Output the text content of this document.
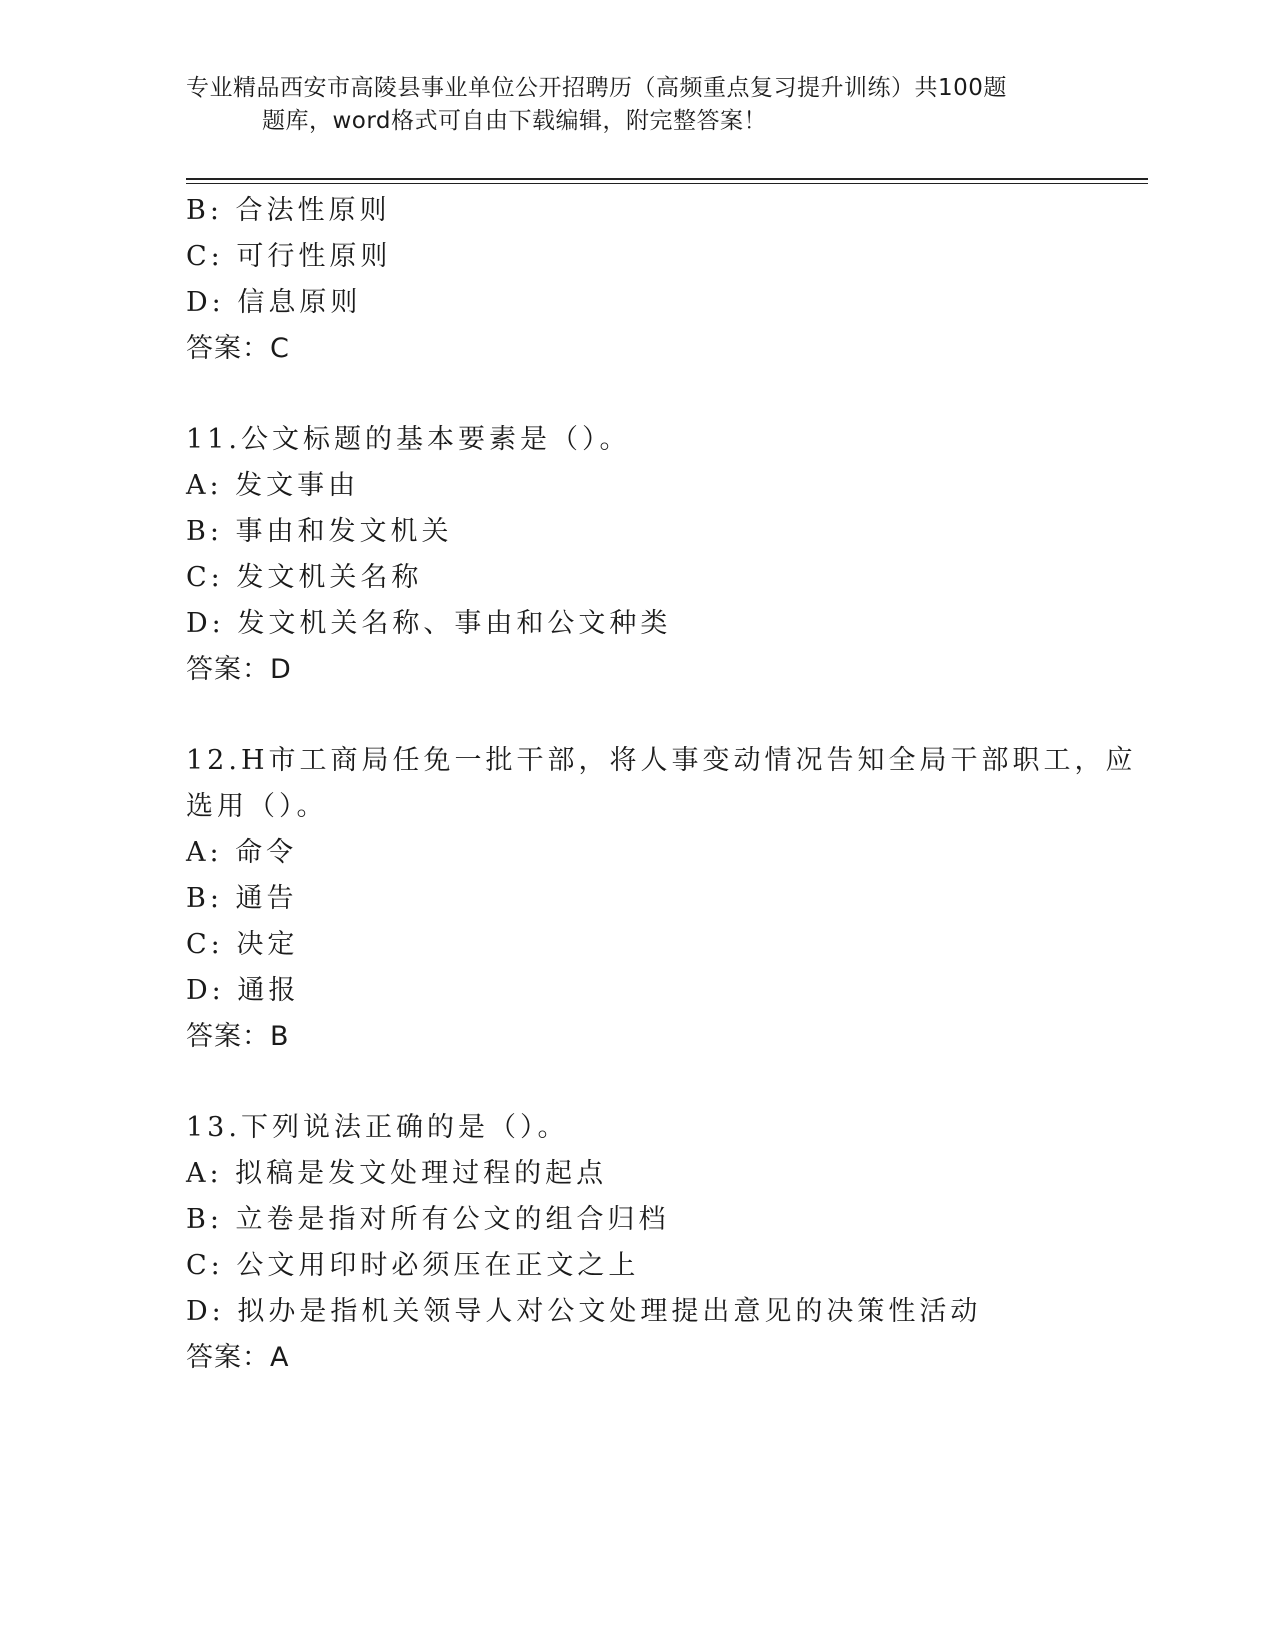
专业精品西安市高陵县事业单位公开招聘历（高频重点复习提升训练）共100题
题库，word格式可自由下载编辑，附完整答案！
B: 合法性原则
C: 可行性原则
D: 信息原则
答案：C
11.公文标题的基本要素是（）。
A: 发文事由
B: 事由和发文机关
C: 发文机关名称
D: 发文机关名称、事由和公文种类
答案：D
12.H市工商局任免一批干部，将人事变动情况告知全局干部职工，应
选用（）。
A: 命令
B: 通告
C: 决定
D: 通报
答案：B
13.下列说法正确的是（）。
A: 拟稿是发文处理过程的起点
B: 立卷是指对所有公文的组合归档
C: 公文用印时必须压在正文之上
D: 拟办是指机关领导人对公文处理提出意见的决策性活动
答案：A
